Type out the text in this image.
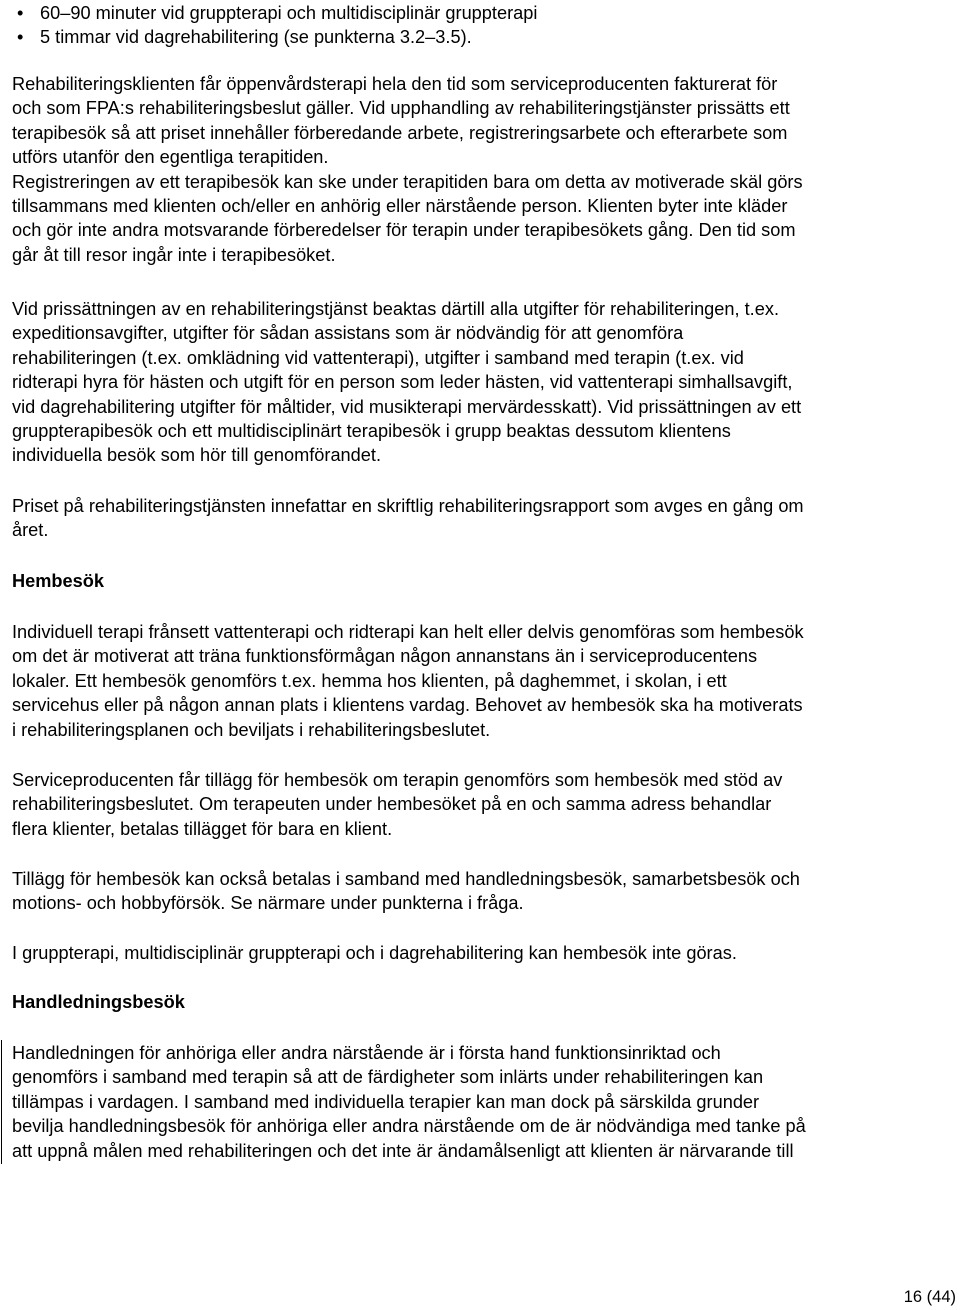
• 60–90 minuter vid gruppterapi och multidisciplinär gruppterapi
• 5 timmar vid dagrehabilitering (se punkterna 3.2–3.5).

Rehabiliteringsklienten får öppenvårdsterapi hela den tid som serviceproducenten fakturerat för
och som FPA:s rehabiliteringsbeslut gäller. Vid upphandling av rehabiliteringstjänster prissätts ett
terapibesök så att priset innehåller förberedande arbete, registreringsarbete och efterarbete som
utförs utanför den egentliga terapitiden.
Registreringen av ett terapibesök kan ske under terapitiden bara om detta av motiverade skäl görs
tillsammans med klienten och/eller en anhörig eller närstående person. Klienten byter inte kläder
och gör inte andra motsvarande förberedelser för terapin under terapibesökets gång. Den tid som
går åt till resor ingår inte i terapibesöket.

Vid prissättningen av en rehabiliteringstjänst beaktas därtill alla utgifter för rehabiliteringen, t.ex.
expeditionsavgifter, utgifter för sådan assistans som är nödvändig för att genomföra
rehabiliteringen (t.ex. omklädning vid vattenterapi), utgifter i samband med terapin (t.ex. vid
ridterapi hyra för hästen och utgift för en person som leder hästen, vid vattenterapi simhallsavgift,
vid dagrehabilitering utgifter för måltider, vid musikterapi mervärdesskatt). Vid prissättningen av ett
gruppterapibesök och ett multidisciplinärt terapibesök i grupp beaktas dessutom klientens
individuella besök som hör till genomförandet.

Priset på rehabiliteringstjänsten innefattar en skriftlig rehabiliteringsrapport som avges en gång om
året.

Hembesök

Individuell terapi frånsett vattenterapi och ridterapi kan helt eller delvis genomföras som hembesök
om det är motiverat att träna funktionsförmågan någon annanstans än i serviceproducentens
lokaler. Ett hembesök genomförs t.ex. hemma hos klienten, på daghemmet, i skolan, i ett
servicehus eller på någon annan plats i klientens vardag. Behovet av hembesök ska ha motiverats
i rehabiliteringsplanen och beviljats i rehabiliteringsbeslutet.

Serviceproducenten får tillägg för hembesök om terapin genomförs som hembesök med stöd av
rehabiliteringsbeslutet. Om terapeuten under hembesöket på en och samma adress behandlar
flera klienter, betalas tillägget för bara en klient.

Tillägg för hembesök kan också betalas i samband med handledningsbesök, samarbetsbesök och
motions- och hobbyförsök. Se närmare under punkterna i fråga.

I gruppterapi, multidisciplinär gruppterapi och i dagrehabilitering kan hembesök inte göras.

Handledningsbesök

Handledningen för anhöriga eller andra närstående är i första hand funktionsinriktad och
genomförs i samband med terapin så att de färdigheter som inlärts under rehabiliteringen kan
tillämpas i vardagen. I samband med individuella terapier kan man dock på särskilda grunder
bevilja handledningsbesök för anhöriga eller andra närstående om de är nödvändiga med tanke på
att uppnå målen med rehabiliteringen och det inte är ändamålsenligt att klienten är närvarande till

16 (44)
